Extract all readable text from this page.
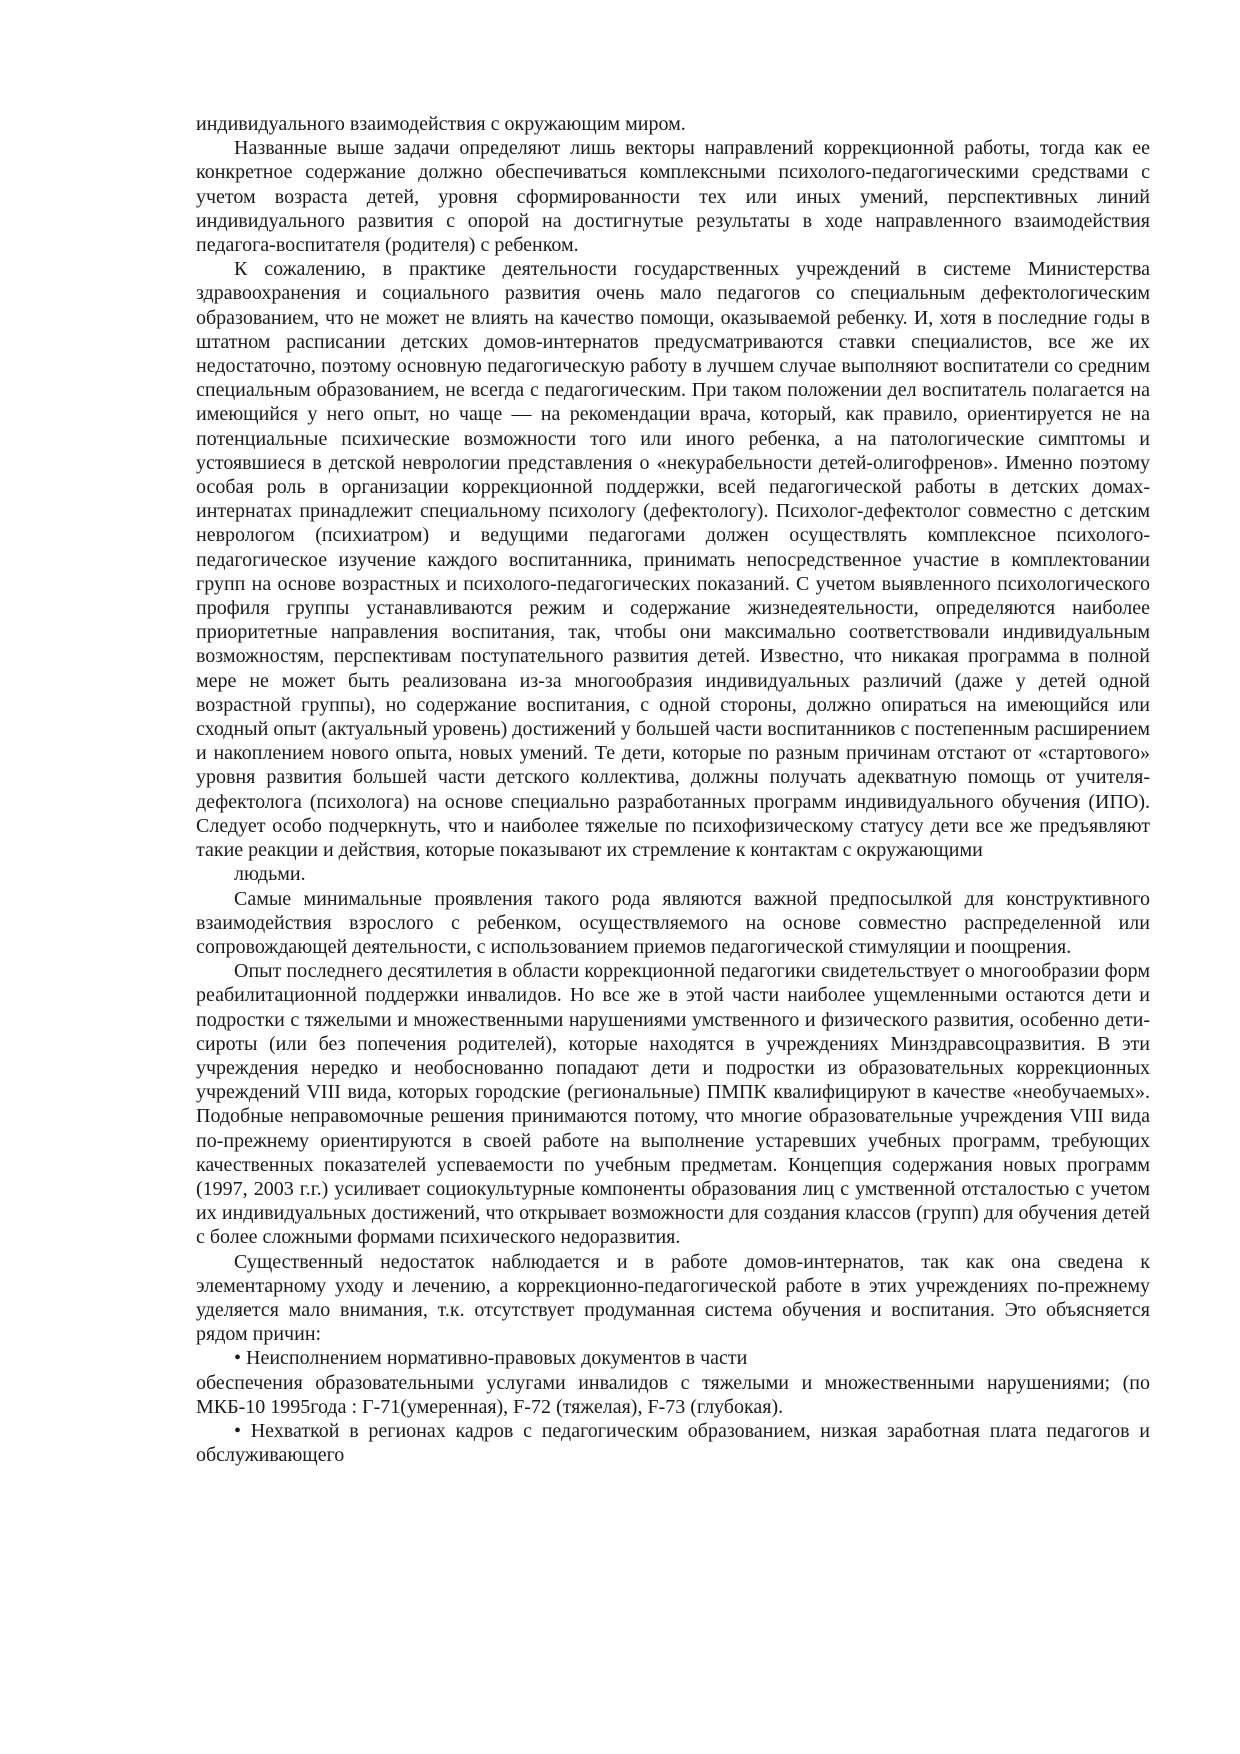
индивидуального взаимодействия с окружающим миром.

Названные выше задачи определяют лишь векторы направлений коррекционной работы, тогда как ее конкретное содержание должно обеспечиваться комплексными психолого-педагогическими средствами с учетом возраста детей, уровня сформированности тех или иных умений, перспективных линий индивидуального развития с опорой на достигнутые результаты в ходе направленного взаимодействия педагога-воспитателя (родителя) с ребенком.

К сожалению, в практике деятельности государственных учреждений в системе Министерства здравоохранения и социального развития очень мало педагогов со специальным дефектологическим образованием, что не может не влиять на качество помощи, оказываемой ребенку. И, хотя в последние годы в штатном расписании детских домов-интернатов предусматриваются ставки специалистов, все же их недостаточно, поэтому основную педагогическую работу в лучшем случае выполняют воспитатели со средним специальным образованием, не всегда с педагогическим. При таком положении дел воспитатель полагается на имеющийся у него опыт, но чаще — на рекомендации врача, который, как правило, ориентируется не на потенциальные психические возможности того или иного ребенка, а на патологические симптомы и устоявшиеся в детской неврологии представления о «некурабельности детей-олигофренов». Именно поэтому особая роль в организации коррекционной поддержки, всей педагогической работы в детских домах-интернатах принадлежит специальному психологу (дефектологу). Психолог-дефектолог совместно с детским неврологом (психиатром) и ведущими педагогами должен осуществлять комплексное психолого-педагогическое изучение каждого воспитанника, принимать непосредственное участие в комплектовании групп на основе возрастных и психолого-педагогических показаний. С учетом выявленного психологического профиля группы устанавливаются режим и содержание жизнедеятельности, определяются наиболее приоритетные направления воспитания, так, чтобы они максимально соответствовали индивидуальным возможностям, перспективам поступательного развития детей. Известно, что никакая программа в полной мере не может быть реализована из-за многообразия индивидуальных различий (даже у детей одной возрастной группы), но содержание воспитания, с одной стороны, должно опираться на имеющийся или сходный опыт (актуальный уровень) достижений у большей части воспитанников с постепенным расширением и накоплением нового опыта, новых умений. Те дети, которые по разным причинам отстают от «стартового» уровня развития большей части детского коллектива, должны получать адекватную помощь от учителя-дефектолога (психолога) на основе специально разработанных программ индивидуального обучения (ИПО). Следует особо подчеркнуть, что и наиболее тяжелые по психофизическому статусу дети все же предъявляют такие реакции и действия, которые показывают их стремление к контактам с окружающими

людьми.

Самые минимальные проявления такого рода являются важной предпосылкой для конструктивного взаимодействия взрослого с ребенком, осуществляемого на основе совместно распределенной или сопровождающей деятельности, с использованием приемов педагогической стимуляции и поощрения.

Опыт последнего десятилетия в области коррекционной педагогики свидетельствует о многообразии форм реабилитационной поддержки инвалидов. Но все же в этой части наиболее ущемленными остаются дети и подростки с тяжелыми и множественными нарушениями умственного и физического развития, особенно дети-сироты (или без попечения родителей), которые находятся в учреждениях Минздравсоцразвития. В эти учреждения нередко и необоснованно попадают дети и подростки из образовательных коррекционных учреждений VIII вида, которых городские (региональные) ПМПК квалифицируют в качестве «необучаемых». Подобные неправомочные решения принимаются потому, что многие образовательные учреждения VIII вида по-прежнему ориентируются в своей работе на выполнение устаревших учебных программ, требующих качественных показателей успеваемости по учебным предметам. Концепция содержания новых программ (1997, 2003 г.г.) усиливает социокультурные компоненты образования лиц с умственной отсталостью с учетом их индивидуальных достижений, что открывает возможности для создания классов (групп) для обучения детей с более сложными формами психического недоразвития.

Существенный недостаток наблюдается и в работе домов-интернатов, так как она сведена к элементарному уходу и лечению, а коррекционно-педагогической работе в этих учреждениях по-прежнему уделяется мало внимания, т.к. отсутствует продуманная система обучения и воспитания. Это объясняется рядом причин:

• Неисполнением нормативно-правовых документов в части

обеспечения образовательными услугами инвалидов с тяжелыми и множественными нарушениями; (по МКБ-10 1995года : Г-71(умеренная), F-72 (тяжелая), F-73 (глубокая).

• Нехваткой в регионах кадров с педагогическим образованием, низкая заработная плата педагогов и обслуживающего
